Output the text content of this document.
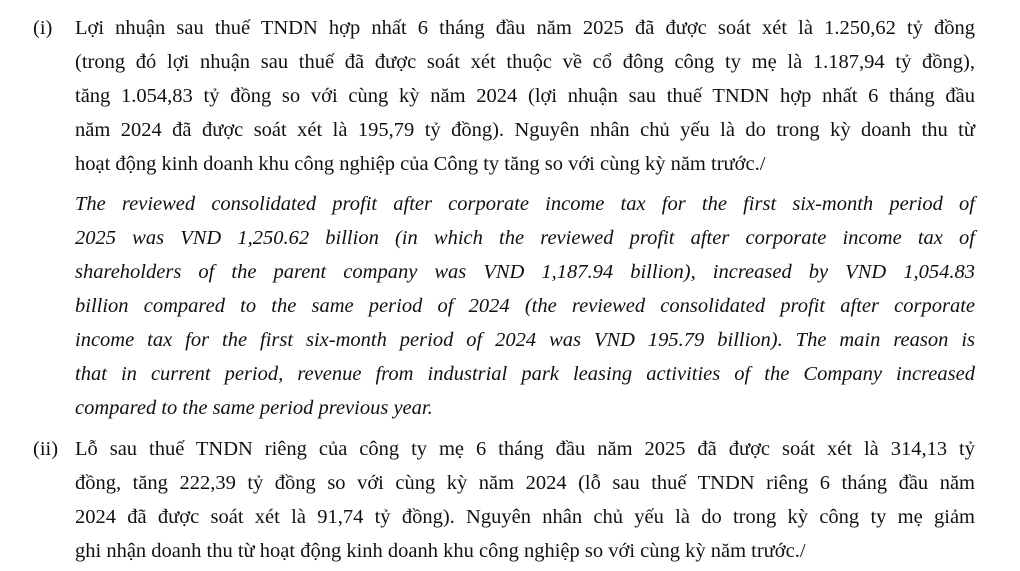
(i) Lợi nhuận sau thuế TNDN hợp nhất 6 tháng đầu năm 2025 đã được soát xét là 1.250,62 tỷ đồng
(trong đó lợi nhuận sau thuế đã được soát xét thuộc về cổ đông công ty mẹ là 1.187,94 tỷ đồng),
tăng 1.054,83 tỷ đồng so với cùng kỳ năm 2024 (lợi nhuận sau thuế TNDN hợp nhất 6 tháng đầu
năm 2024 đã được soát xét là 195,79 tỷ đồng). Nguyên nhân chủ yếu là do trong kỳ doanh thu từ
hoạt động kinh doanh khu công nghiệp của Công ty tăng so với cùng kỳ năm trước./
The reviewed consolidated profit after corporate income tax for the first six-month period of
2025 was VND 1,250.62 billion (in which the reviewed profit after corporate income tax of
shareholders of the parent company was VND 1,187.94 billion), increased by VND 1,054.83
billion compared to the same period of 2024 (the reviewed consolidated profit after corporate
income tax for the first six-month period of 2024 was VND 195.79 billion). The main reason is
that in current period, revenue from industrial park leasing activities of the Company increased
compared to the same period previous year.
(ii) Lỗ sau thuế TNDN riêng của công ty mẹ 6 tháng đầu năm 2025 đã được soát xét là 314,13 tỷ
đồng, tăng 222,39 tỷ đồng so với cùng kỳ năm 2024 (lỗ sau thuế TNDN riêng 6 tháng đầu năm
2024 đã được soát xét là 91,74 tỷ đồng). Nguyên nhân chủ yếu là do trong kỳ công ty mẹ giảm
ghi nhận doanh thu từ hoạt động kinh doanh khu công nghiệp so với cùng kỳ năm trước./
